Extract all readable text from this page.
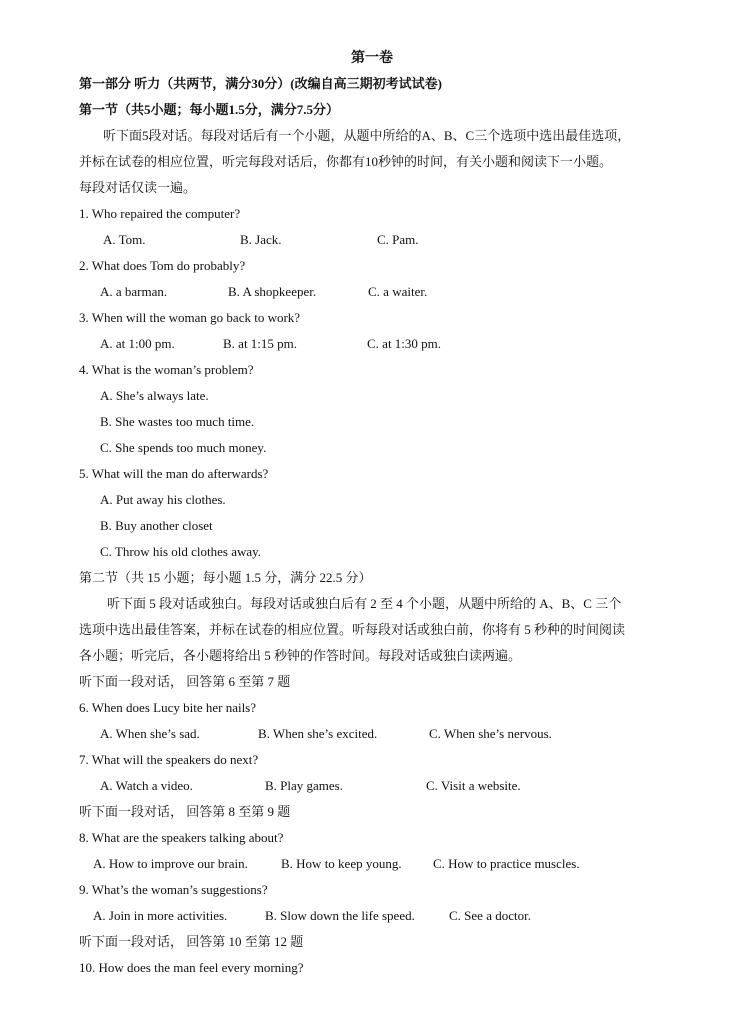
第一卷
第一部分 听力（共两节，满分30分）(改编自高三期初考试试卷)
第一节（共5小题；每小题1.5分，满分7.5分）
听下面5段对话。每段对话后有一个小题，从题中所给的A、B、C三个选项中选出最佳选项，
并标在试卷的相应位置，听完每段对话后，你都有10秒钟的时间，有关小题和阅读下一小题。
每段对话仅读一遍。
1. Who repaired the computer?
A. Tom.	B. Jack.	C. Pam.
2. What does Tom do probably?
A. a barman.	B. A shopkeeper.	C. a waiter.
3. When will the woman go back to work?
A. at 1:00 pm.	B. at 1:15 pm.	C. at 1:30 pm.
4. What is the woman’s problem?
A. She’s always late.
B. She wastes too much time.
C. She spends too much money.
5. What will the man do afterwards?
A. Put away his clothes.
B. Buy another closet
C. Throw his old clothes away.
第二节（共 15 小题；每小题 1.5 分，满分 22.5 分）
听下面 5 段对话或独白。每段对话或独白后有 2 至 4 个小题，从题中所给的 A、B、C 三个
选项中选出最佳答案，并标在试卷的相应位置。听每段对话或独白前，你将有 5 秒种的时间阅读
各小题；听完后，各小题将给出 5 秒钟的作答时间。每段对话或独白读两遍。
听下面一段对话， 回答第 6 至第 7 题
6. When does Lucy bite her nails?
A. When she’s sad.	B. When she’s excited.	C. When she’s nervous.
7. What will the speakers do next?
A. Watch a video.	B. Play games.	C. Visit a website.
听下面一段对话， 回答第 8 至第 9 题
8. What are the speakers talking about?
A. How to improve our brain.	B. How to keep young. C. How to practice muscles.
9. What’s the woman’s suggestions?
A. Join in more activities.	B. Slow down the life speed.	C. See a doctor.
听下面一段对话， 回答第 10 至第 12 题
10. How does the man feel every morning?
